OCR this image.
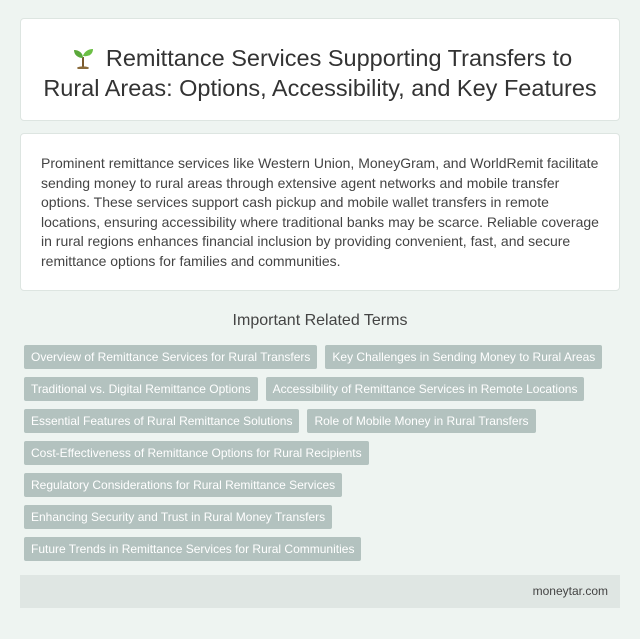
Remittance Services Supporting Transfers to Rural Areas: Options, Accessibility, and Key Features

Prominent remittance services like Western Union, MoneyGram, and WorldRemit facilitate sending money to rural areas through extensive agent networks and mobile transfer options. These services support cash pickup and mobile wallet transfers in remote locations, ensuring accessibility where traditional banks may be scarce. Reliable coverage in rural regions enhances financial inclusion by providing convenient, fast, and secure remittance options for families and communities.

Important Related Terms
Overview of Remittance Services for Rural Transfers Key Challenges in Sending Money to Rural Areas
Traditional vs. Digital Remittance Options Accessibility of Remittance Services in Remote Locations
Essential Features of Rural Remittance Solutions Role of Mobile Money in Rural Transfers
Cost-Effectiveness of Remittance Options for Rural Recipients
Regulatory Considerations for Rural Remittance Services
Enhancing Security and Trust in Rural Money Transfers
Future Trends in Remittance Services for Rural Communities
moneytar.com
